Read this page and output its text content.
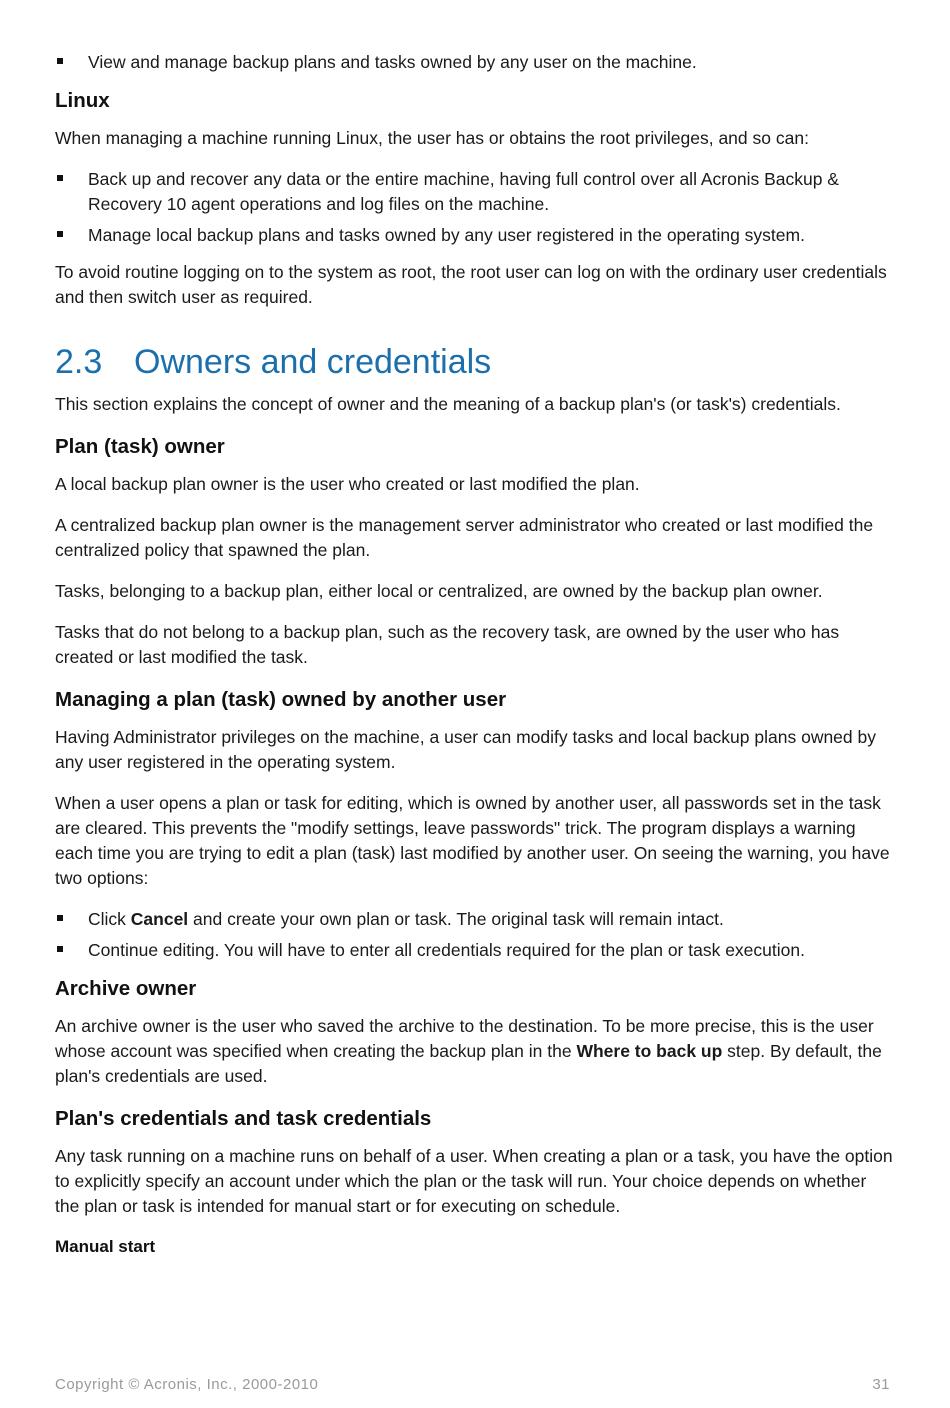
View and manage backup plans and tasks owned by any user on the machine.
Linux

When managing a machine running Linux, the user has or obtains the root privileges, and so can:

Back up and recover any data or the entire machine, having full control over all Acronis Backup & Recovery 10 agent operations and log files on the machine.
Manage local backup plans and tasks owned by any user registered in the operating system.

To avoid routine logging on to the system as root, the root user can log on with the ordinary user credentials and then switch user as required.

2.3 Owners and credentials

This section explains the concept of owner and the meaning of a backup plan's (or task's) credentials.

Plan (task) owner

A local backup plan owner is the user who created or last modified the plan.

A centralized backup plan owner is the management server administrator who created or last modified the centralized policy that spawned the plan.

Tasks, belonging to a backup plan, either local or centralized, are owned by the backup plan owner.

Tasks that do not belong to a backup plan, such as the recovery task, are owned by the user who has created or last modified the task.

Managing a plan (task) owned by another user

Having Administrator privileges on the machine, a user can modify tasks and local backup plans owned by any user registered in the operating system.

When a user opens a plan or task for editing, which is owned by another user, all passwords set in the task are cleared. This prevents the "modify settings, leave passwords" trick. The program displays a warning each time you are trying to edit a plan (task) last modified by another user. On seeing the warning, you have two options:

Click Cancel and create your own plan or task. The original task will remain intact.
Continue editing. You will have to enter all credentials required for the plan or task execution.
Archive owner

An archive owner is the user who saved the archive to the destination. To be more precise, this is the user whose account was specified when creating the backup plan in the Where to back up step. By default, the plan's credentials are used.

Plan's credentials and task credentials

Any task running on a machine runs on behalf of a user. When creating a plan or a task, you have the option to explicitly specify an account under which the plan or the task will run. Your choice depends on whether the plan or task is intended for manual start or for executing on schedule.

Manual start
Copyright © Acronis, Inc., 2000-2010	31
